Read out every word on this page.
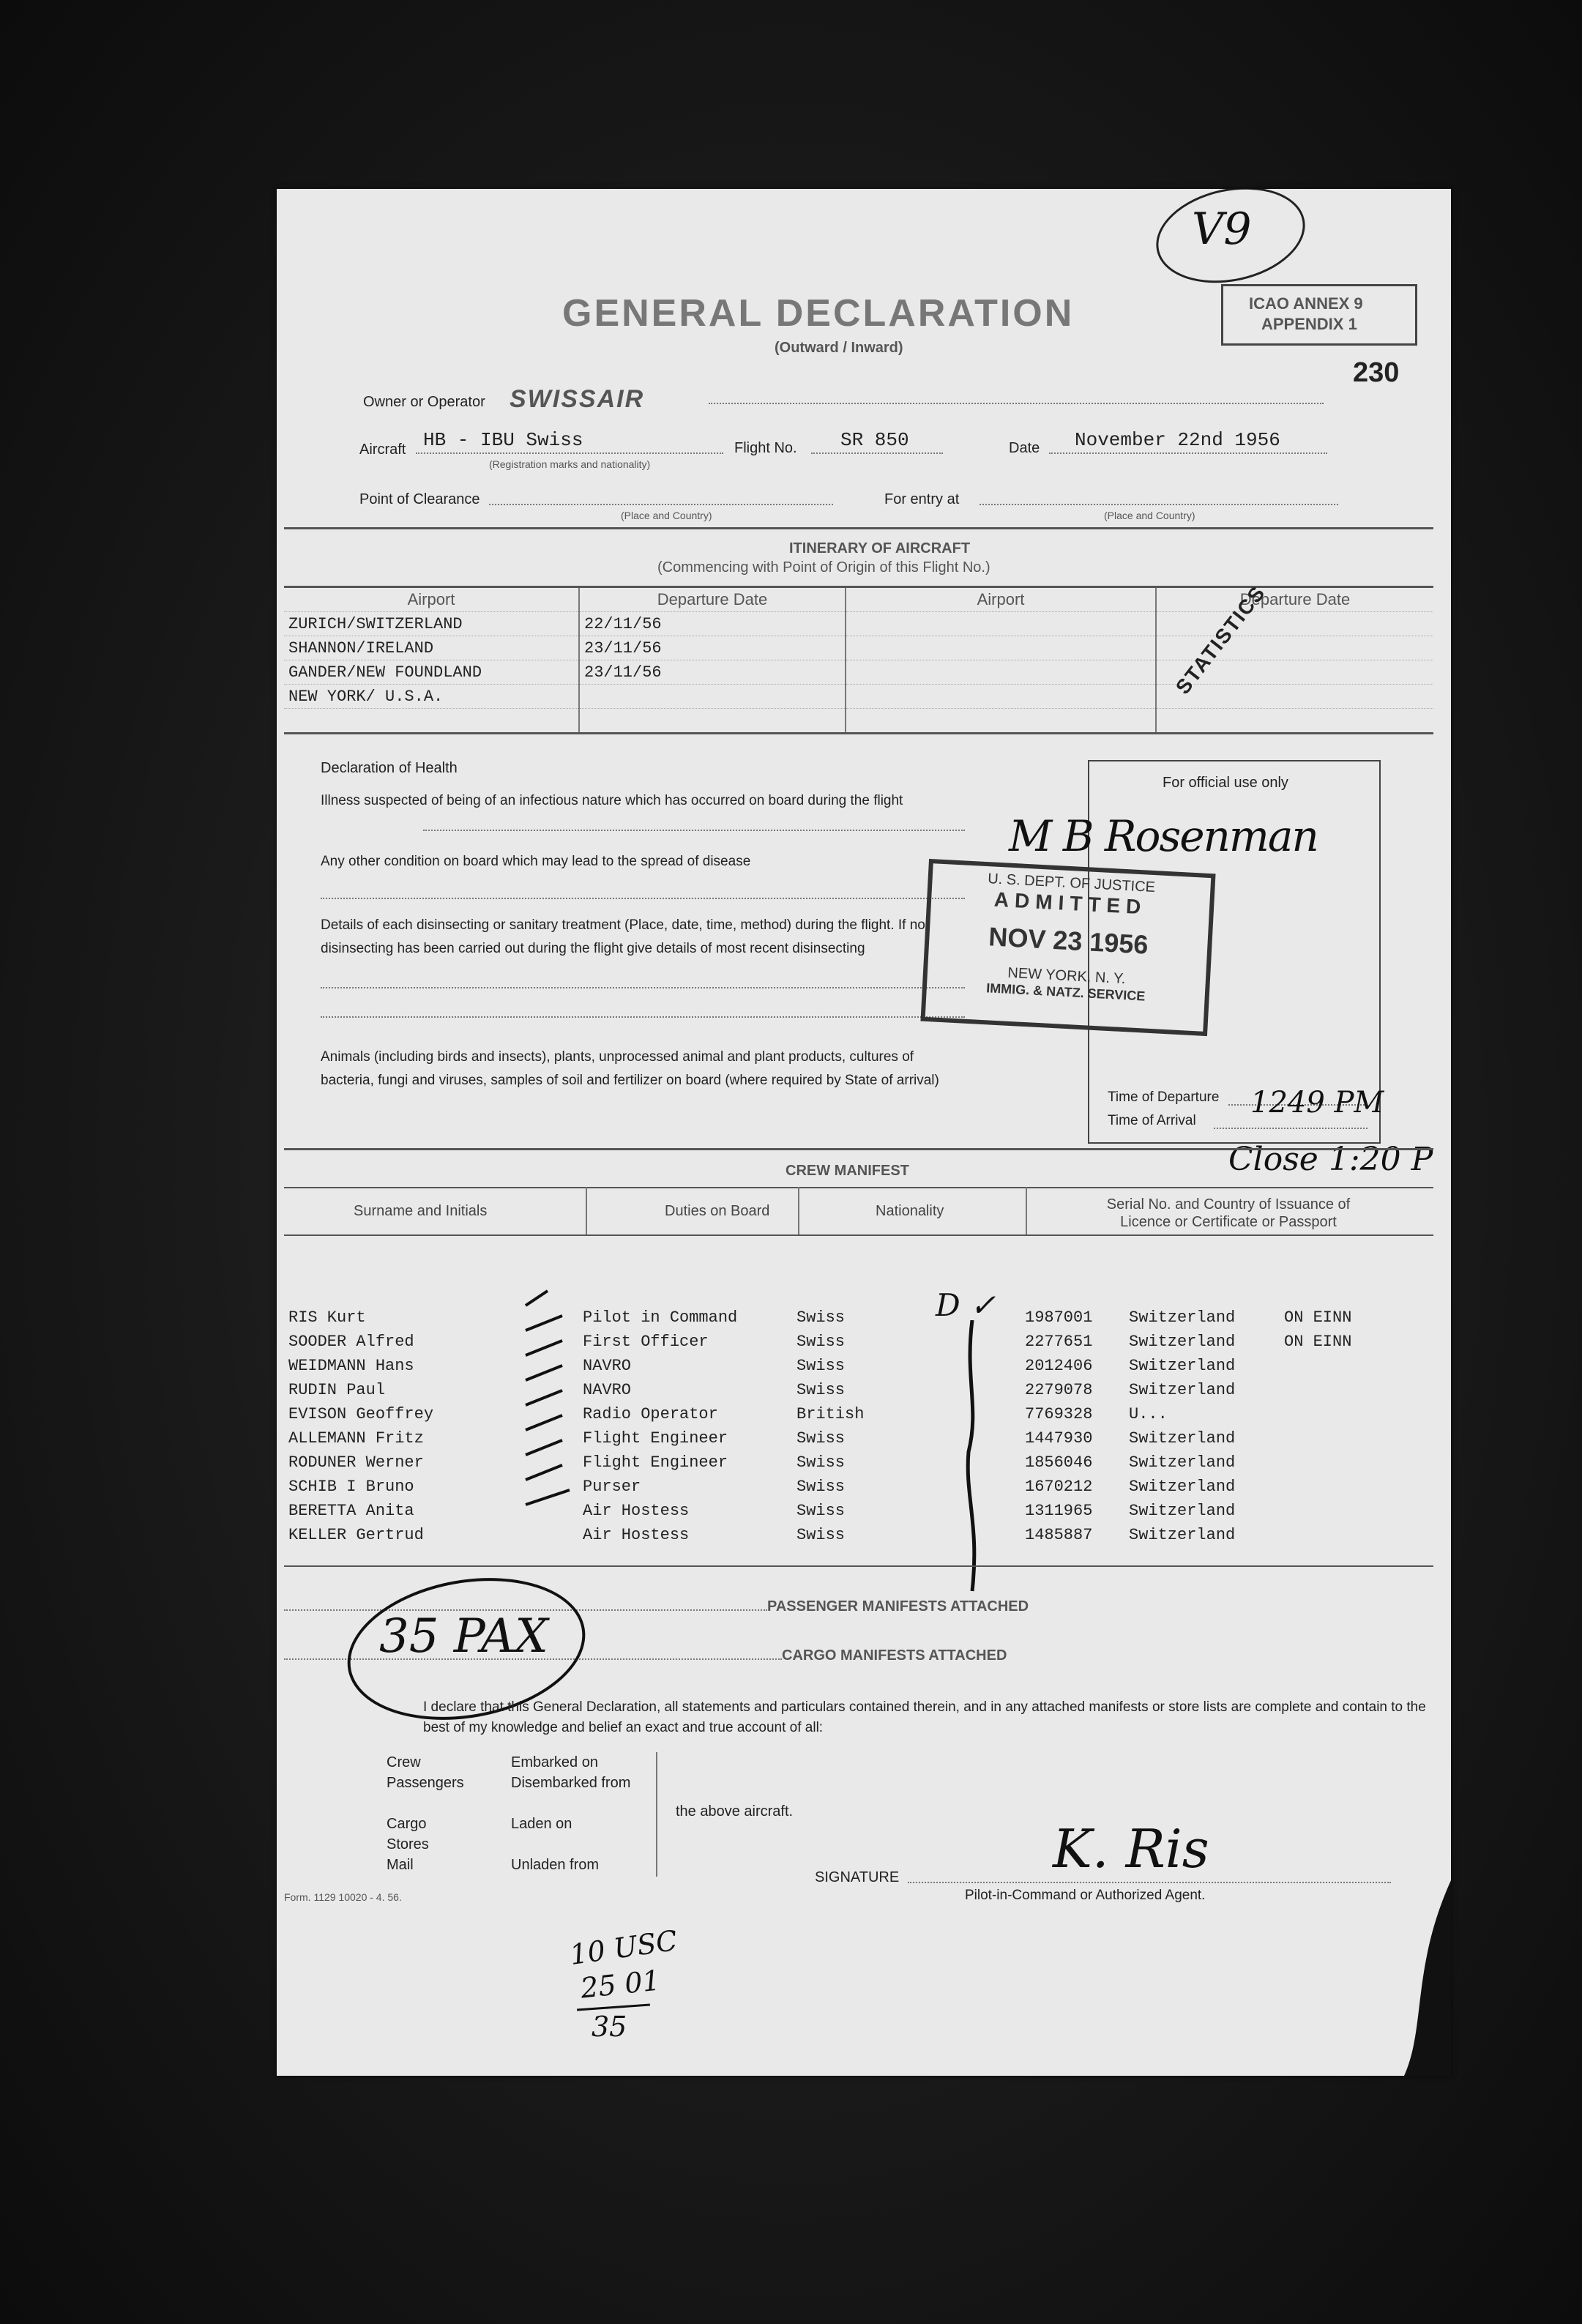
V9
GENERAL DECLARATION
(Outward / Inward)
ICAO ANNEX 9
APPENDIX 1
230
Owner or Operator SWISSAIR
Aircraft HB - IBU Swiss
(Registration marks and nationality)
Flight No. SR 850	Date November 22nd 1956
Point of Clearance
(Place and Country)
For entry at
(Place and Country)
ITINERARY OF AIRCRAFT
(Commencing with Point of Origin of this Flight No.)
Airport	Departure Date	Airport	Departure Date
ZURICH/SWITZERLAND	22/11/56		
SHANNON/IRELAND	23/11/56		
GANDER/NEW FOUNDLAND	23/11/56		
NEW YORK/ U.S.A.			
				STATISTICS
Declaration of Health
Illness suspected of being of an infectious nature which has occurred on board during the flight
Any other condition on board which may lead to the spread of disease
Details of each disinsecting or sanitary treatment (Place, date, time, method) during the flight. If no disinsecting has been carried out during the flight give details of most recent disinsecting
Animals (including birds and insects), plants, unprocessed animal and plant products, cultures of bacteria, fungi and viruses, samples of soil and fertilizer on board (where required by State of arrival)
For official use only
M B Rosenman
Time of Departure
Time of Arrival
1249 PM
Close 1:20 P
U. S. DEPT. OF JUSTICE
ADMITTED
NOV 23 1956
NEW YORK, N. Y.
IMMIG. & NATZ. SERVICE
CREW MANIFEST
Surname and Initials	Duties on Board	Nationality	Serial No. and Country of Issuance of Licence or Certificate or Passport
RIS Kurt	Pilot in Command	Swiss	1987001	Switzerland	ON EINN
SOODER Alfred	First Officer	Swiss	2277651	Switzerland	ON EINN
WEIDMANN Hans	NAVRO	Swiss	2012406	Switzerland	
RUDIN Paul	NAVRO	Swiss	2279078	Switzerland	
EVISON Geoffrey	Radio Operator	British	7769328	U...	
ALLEMANN Fritz	Flight Engineer	Swiss	1447930	Switzerland	
RODUNER Werner	Flight Engineer	Swiss	1856046	Switzerland	
SCHIB I Bruno	Purser	Swiss	1670212	Switzerland	
BERETTA Anita	Air Hostess	Swiss	1311965	Switzerland	
KELLER Gertrud	Air Hostess	Swiss	1485887	Switzerland	
D ✓
PASSENGER MANIFESTS ATTACHED
CARGO MANIFESTS ATTACHED
35 PAX
I declare that this General Declaration, all statements and particulars contained therein, and in any attached manifests or store lists are complete and contain to the best of my knowledge and belief an exact and true account of all:
Crew
Passengers
Cargo
Stores
Mail
Embarked on
Disembarked from
Laden on
Unladen from
the above aircraft.
SIGNATURE	K. Ris
Pilot-in-Command or Authorized Agent.
Form. 1129 10020 - 4. 56.
10 USC
25 01
35
